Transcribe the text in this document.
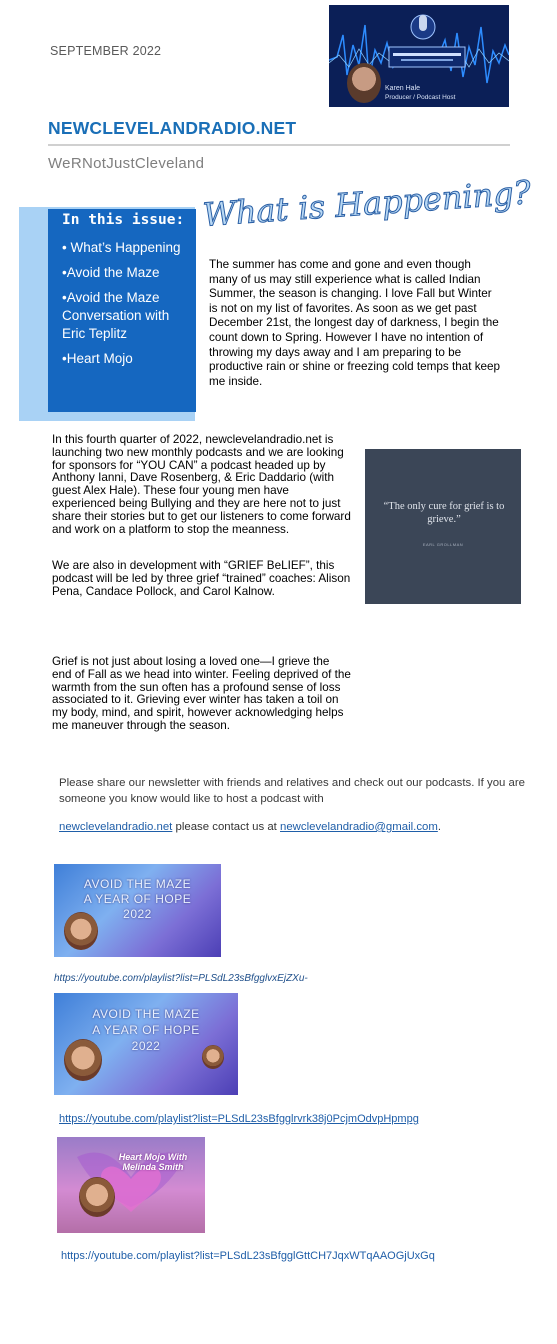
SEPTEMBER 2022
Karen Hale
Producer / Podcast Host
NEWCLEVELANDRADIO.NET
WeRNotJustCleveland
In this issue:
• What’s Happening
•Avoid the Maze
•Avoid the Maze Conversation with Eric Teplitz
•Heart Mojo
What is Happening?
The summer has come and gone and even though many of us may still experience what is called Indian Summer, the season is changing. I love Fall but Winter is not on my list of favorites. As soon as we get past December 21st, the longest day of darkness, I begin the count down to Spring. However I have no intention of throwing my days away and I am preparing to be productive rain or shine or freezing cold temps that keep me inside.
In this fourth quarter of 2022, newclevelandradio.net is launching two new monthly podcasts and we are looking for sponsors for “YOU CAN” a podcast headed up by Anthony Ianni, Dave Rosenberg, & Eric Daddario (with guest Alex Hale). These four young men have experienced being Bullying and they are here not to just share their stories but to get our listeners to come forward and work on a platform to stop the meanness.
We are also in development with “GRIEF BeLIEF”, this podcast will be led by three grief “trained” coaches: Alison Pena, Candace Pollock, and Carol Kalnow.
Grief is not just about losing a loved one—I grieve the end of Fall as we head into winter. Feeling deprived of the warmth from the sun often has a profound sense of loss associated to it. Grieving ever winter has taken a toil on my body, mind, and spirit, however acknowledging helps me maneuver through the season.
“The only cure for grief is to grieve.”
EARL GROLLMAN
Please share our newsletter with friends and relatives and check out our podcasts. If you are someone you know would like to host a podcast with
newclevelandradio.net please contact us at newclevelandradio@gmail.com.
AVOID THE MAZE
A YEAR OF HOPE
2022
https://youtube.com/playlist?list=PLSdL23sBfgglvxEjZXu-
AVOID THE MAZE
A YEAR OF HOPE
2022
https://youtube.com/playlist?list=PLSdL23sBfgglrvrk38j0PcjmOdvpHpmpg
Heart Mojo With Melinda Smith
https://youtube.com/playlist?list=PLSdL23sBfgglGttCH7JqxWTqAAOGjUxGq
